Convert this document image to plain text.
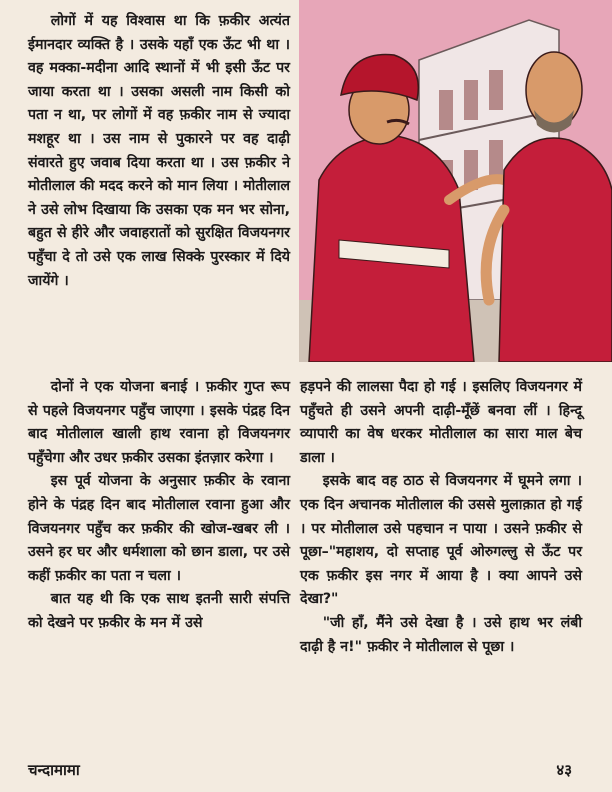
लोगों में यह विश्वास था कि फ़कीर अत्यंत ईमानदार व्यक्ति है । उसके यहाँ एक ऊँट भी था । वह मक्का-मदीना आदि स्थानों में भी इसी ऊँट पर जाया करता था । उसका असली नाम किसी को पता न था, पर लोगों में वह फ़कीर नाम से ज्यादा मशहूर था । उस नाम से पुकारने पर वह दाढ़ी संवारते हुए जवाब दिया करता था । उस फ़कीर ने मोतीलाल की मदद करने को मान लिया । मोतीलाल ने उसे लोभ दिखाया कि उसका एक मन भर सोना, बहुत से हीरे और जवाहरातों को सुरक्षित विजयनगर पहुँचा दे तो उसे एक लाख सिक्के पुरस्कार में दिये जायेंगे ।

दोनों ने एक योजना बनाई । फ़कीर गुप्त रूप से पहले विजयनगर पहुँच जाएगा । इसके पंद्रह दिन बाद मोतीलाल खाली हाथ रवाना हो विजयनगर पहुँचेगा और उधर फ़कीर उसका इंतज़ार करेगा ।

इस पूर्व योजना के अनुसार फ़कीर के रवाना होने के पंद्रह दिन बाद मोतीलाल रवाना हुआ और विजयनगर पहुँच कर फ़कीर की खोज-खबर ली । उसने हर घर और धर्मशाला को छान डाला, पर उसे कहीं फ़कीर का पता न चला ।

बात यह थी कि एक साथ इतनी सारी संपत्ति को देखने पर फ़कीर के मन में उसे

हड़पने की लालसा पैदा हो गई । इसलिए विजयनगर में पहुँचते ही उसने अपनी दाढ़ी-मूँछें बनवा लीं । हिन्दू व्यापारी का वेष धरकर मोतीलाल का सारा माल बेच डाला ।

इसके बाद वह ठाठ से विजयनगर में घूमने लगा । एक दिन अचानक मोतीलाल की उससे मुलाक़ात हो गई । पर मोतीलाल उसे पहचान न पाया । उसने फ़कीर से पूछा–"महाशय, दो सप्ताह पूर्व ओरुगल्लु से ऊँट पर एक फ़कीर इस नगर में आया है । क्या आपने उसे देखा?"

"जी हाँ, मैंने उसे देखा है । उसे हाथ भर लंबी दाढ़ी है न!" फ़कीर ने मोतीलाल से पूछा ।

चन्दामामा	४३
